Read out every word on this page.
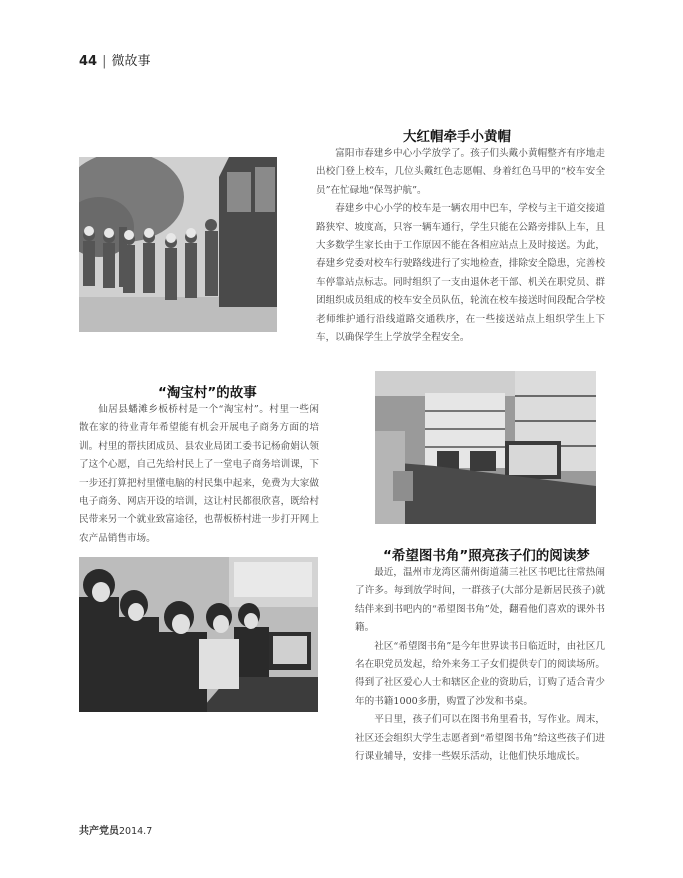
44 | 微故事
大红帽牵手小黄帽

富阳市春建乡中心小学放学了。孩子们头戴小黄帽整齐有序地走出校门登上校车，几位头戴红色志愿帽、身着红色马甲的“校车安全员”在忙碌地“保驾护航”。

春建乡中心小学的校车是一辆农用中巴车，学校与主干道交接道路狭窄、坡度高，只容一辆车通行，学生只能在公路旁排队上车，且大多数学生家长由于工作原因不能在各相应站点上及时接送。为此，春建乡党委对校车行驶路线进行了实地检查，排除安全隐患，完善校车停靠站点标志。同时组织了一支由退休老干部、机关在职党员、群团组织成员组成的校车安全员队伍，轮流在校车接送时间段配合学校老师维护通行沿线道路交通秩序，在一些接送站点上组织学生上下车，以确保学生上学放学全程安全。

“淘宝村”的故事

仙居县蟠滩乡板桥村是一个“淘宝村”。村里一些闲散在家的待业青年希望能有机会开展电子商务方面的培训。村里的帮扶团成员、县农业局团工委书记杨俞娟认领了这个心愿，自己先给村民上了一堂电子商务培训课，下一步还打算把村里懂电脑的村民集中起来，免费为大家做电子商务、网店开设的培训，这让村民都很欣喜，既给村民带来另一个就业致富途径，也帮板桥村进一步打开网上农产品销售市场。

“希望图书角”照亮孩子们的阅读梦

最近，温州市龙湾区蒲州街道蒲三社区书吧比往常热闹了许多。每到放学时间，一群孩子(大部分是新居民孩子)就结伴来到书吧内的“希望图书角”处，翻看他们喜欢的课外书籍。

社区“希望图书角”是今年世界读书日临近时，由社区几名在职党员发起，给外来务工子女们提供专门的阅读场所。得到了社区爱心人士和辖区企业的资助后，订购了适合青少年的书籍1000多册，购置了沙发和书桌。

平日里，孩子们可以在图书角里看书，写作业。周末，社区还会组织大学生志愿者到“希望图书角”给这些孩子们进行课业辅导，安排一些娱乐活动，让他们快乐地成长。

共产党员2014.7
